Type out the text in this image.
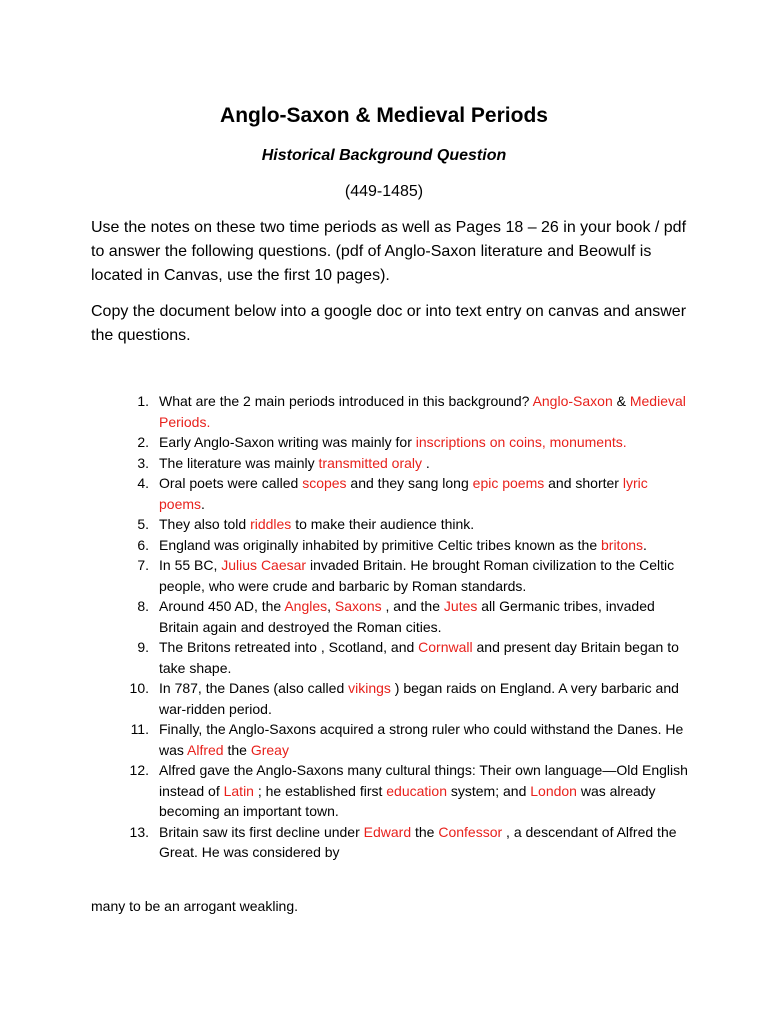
Anglo-Saxon & Medieval Periods
Historical Background Question
(449-1485)
Use the notes on these two time periods as well as Pages 18 – 26 in your book / pdf to answer the following questions. (pdf of Anglo-Saxon literature and Beowulf is located in Canvas, use the first 10 pages).
Copy the document below into a google doc or into text entry on canvas and answer the questions.
1. What are the 2 main periods introduced in this background? Anglo-Saxon & Medieval Periods.
2. Early Anglo-Saxon writing was mainly for inscriptions on coins, monuments.
3. The literature was mainly transmitted oraly .
4. Oral poets were called scopes and they sang long epic poems and shorter lyric poems.
5. They also told riddles to make their audience think.
6. England was originally inhabited by primitive Celtic tribes known as the britons.
7. In 55 BC, Julius Caesar invaded Britain. He brought Roman civilization to the Celtic people, who were crude and barbaric by Roman standards.
8. Around 450 AD, the Angles, Saxons , and the Jutes all Germanic tribes, invaded Britain again and destroyed the Roman cities.
9. The Britons retreated into , Scotland, and Cornwall and present day Britain began to take shape.
10. In 787, the Danes (also called vikings ) began raids on England. A very barbaric and war-ridden period.
11. Finally, the Anglo-Saxons acquired a strong ruler who could withstand the Danes. He was Alfred the Greay
12. Alfred gave the Anglo-Saxons many cultural things: Their own language—Old English instead of Latin ; he established first education system; and London was already becoming an important town.
13. Britain saw its first decline under Edward the Confessor , a descendant of Alfred the Great. He was considered by
many to be an arrogant weakling.
